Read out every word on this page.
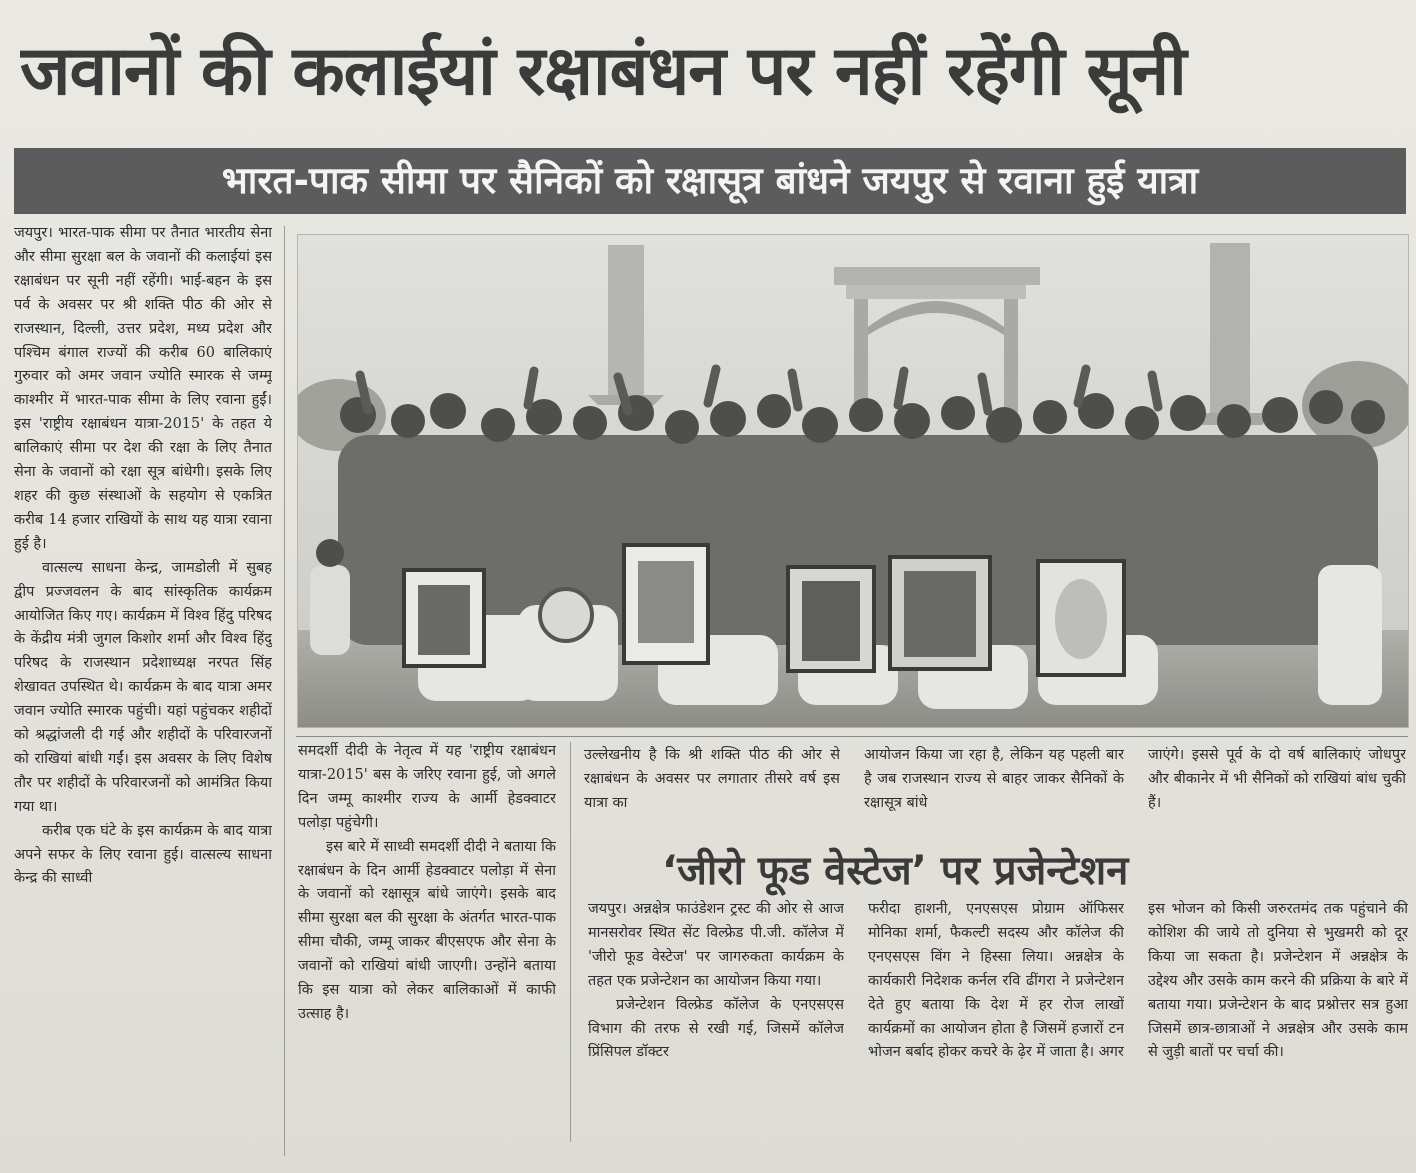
जवानों की कलाईयां रक्षाबंधन पर नहीं रहेंगी सूनी
भारत-पाक सीमा पर सैनिकों को रक्षासूत्र बांधने जयपुर से रवाना हुई यात्रा

जयपुर। भारत-पाक सीमा पर तैनात भारतीय सेना और सीमा सुरक्षा बल के जवानों की कलाईयां इस रक्षाबंधन पर सूनी नहीं रहेंगी। भाई-बहन के इस पर्व के अवसर पर श्री शक्ति पीठ की ओर से राजस्थान, दिल्ली, उत्तर प्रदेश, मध्य प्रदेश और पश्चिम बंगाल राज्यों की करीब 60 बालिकाएं गुरुवार को अमर जवान ज्योति स्मारक से जम्मू काश्मीर में भारत-पाक सीमा के लिए रवाना हुईं। इस 'राष्ट्रीय रक्षाबंधन यात्रा-2015' के तहत ये बालिकाएं सीमा पर देश की रक्षा के लिए तैनात सेना के जवानों को रक्षा सूत्र बांधेगी। इसके लिए शहर की कुछ संस्थाओं के सहयोग से एकत्रित करीब 14 हजार राखियों के साथ यह यात्रा रवाना हुई है।

वात्सल्य साधना केन्द्र, जामडोली में सुबह द्वीप प्रज्जवलन के बाद सांस्कृतिक कार्यक्रम आयोजित किए गए। कार्यक्रम में विश्व हिंदु परिषद के केंद्रीय मंत्री जुगल किशोर शर्मा और विश्व हिंदु परिषद के राजस्थान प्रदेशाध्यक्ष नरपत सिंह शेखावत उपस्थित थे। कार्यक्रम के बाद यात्रा अमर जवान ज्योति स्मारक पहुंची। यहां पहुंचकर शहीदों को श्रद्धांजली दी गई और शहीदों के परिवारजनों को राखियां बांधी गईं। इस अवसर के लिए विशेष तौर पर शहीदों के परिवारजनों को आमंत्रित किया गया था।

करीब एक घंटे के इस कार्यक्रम के बाद यात्रा अपने सफर के लिए रवाना हुई। वात्सल्य साधना केन्द्र की साध्वी

समदर्शी दीदी के नेतृत्व में यह 'राष्ट्रीय रक्षाबंधन यात्रा-2015' बस के जरिए रवाना हुई, जो अगले दिन जम्मू काश्मीर राज्य के आर्मी हेडक्वाटर पलोड़ा पहुंचेगी।

इस बारे में साध्वी समदर्शी दीदी ने बताया कि रक्षाबंधन के दिन आर्मी हेडक्वाटर पलोड़ा में सेना के जवानों को रक्षासूत्र बांधे जाएंगे। इसके बाद सीमा सुरक्षा बल की सुरक्षा के अंतर्गत भारत-पाक सीमा चौकी, जम्मू जाकर बीएसएफ और सेना के जवानों को राखियां बांधी जाएगी। उन्होंने बताया कि इस यात्रा को लेकर बालिकाओं में काफी उत्साह है।

उल्लेखनीय है कि श्री शक्ति पीठ की ओर से रक्षाबंधन के अवसर पर लगातार तीसरे वर्ष इस यात्रा का

आयोजन किया जा रहा है, लेकिन यह पहली बार है जब राजस्थान राज्य से बाहर जाकर सैनिकों के रक्षासूत्र बांधे

जाएंगे। इससे पूर्व के दो वर्ष बालिकाएं जोधपुर और बीकानेर में भी सैनिकों को राखियां बांध चुकी हैं।

‘जीरो फूड वेस्टेज’ पर प्रजेन्टेशन

जयपुर। अन्नक्षेत्र फाउंडेशन ट्रस्ट की ओर से आज मानसरोवर स्थित सेंट विल्फ्रेड पी.जी. कॉलेज में 'जीरो फूड वेस्टेज' पर जागरुकता कार्यक्रम के तहत एक प्रजेन्टेशन का आयोजन किया गया।

प्रजेन्टेशन विल्फ्रेड कॉलेज के एनएसएस विभाग की तरफ से रखी गई, जिसमें कॉलेज प्रिंसिपल डॉक्टर

फरीदा हाशनी, एनएसएस प्रोग्राम ऑफिसर मोनिका शर्मा, फैकल्टी सदस्य और कॉलेज की एनएसएस विंग ने हिस्सा लिया। अन्नक्षेत्र के कार्यकारी निदेशक कर्नल रवि ढींगरा ने प्रजेन्टेशन देते हुए बताया कि देश में हर रोज लाखों कार्यक्रमों का आयोजन होता है जिसमें हजारों टन भोजन बर्बाद होकर कचरे के ढ़ेर में जाता है। अगर

इस भोजन को किसी जरुरतमंद तक पहुंचाने की कोशिश की जाये तो दुनिया से भुखमरी को दूर किया जा सकता है। प्रजेन्टेशन में अन्नक्षेत्र के उद्देश्य और उसके काम करने की प्रक्रिया के बारे में बताया गया। प्रजेन्टेशन के बाद प्रश्नोत्तर सत्र हुआ जिसमें छात्र-छात्राओं ने अन्नक्षेत्र और उसके काम से जुड़ी बातों पर चर्चा की।
